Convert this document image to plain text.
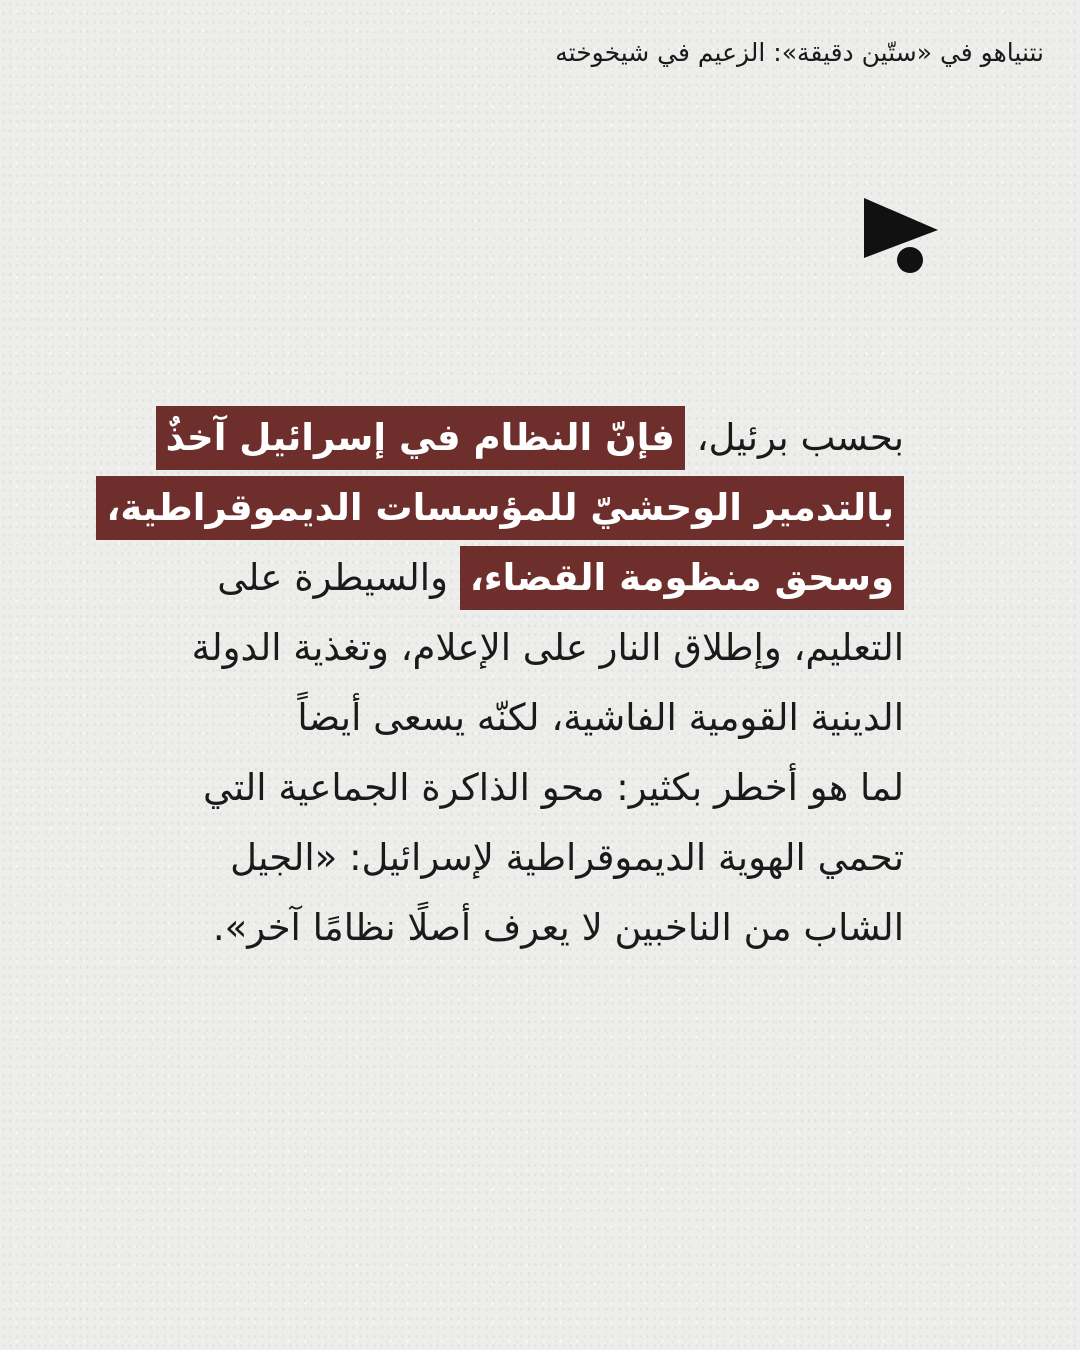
نتنياهو في «ستّين دقيقة»: الزعيم في شيخوخته
بحسب برئيل، فإنّ النظام في إسرائيل آخذٌ
بالتدمير الوحشيّ للمؤسسات الديموقراطية،
وسحق منظومة القضاء، والسيطرة على
التعليم، وإطلاق النار على الإعلام، وتغذية الدولة
الدينية القومية الفاشية، لكنّه يسعى أيضاً
لما هو أخطر بكثير: محو الذاكرة الجماعية التي
تحمي الهوية الديموقراطية لإسرائيل: «الجيل
الشاب من الناخبين لا يعرف أصلًا نظامًا آخر».
